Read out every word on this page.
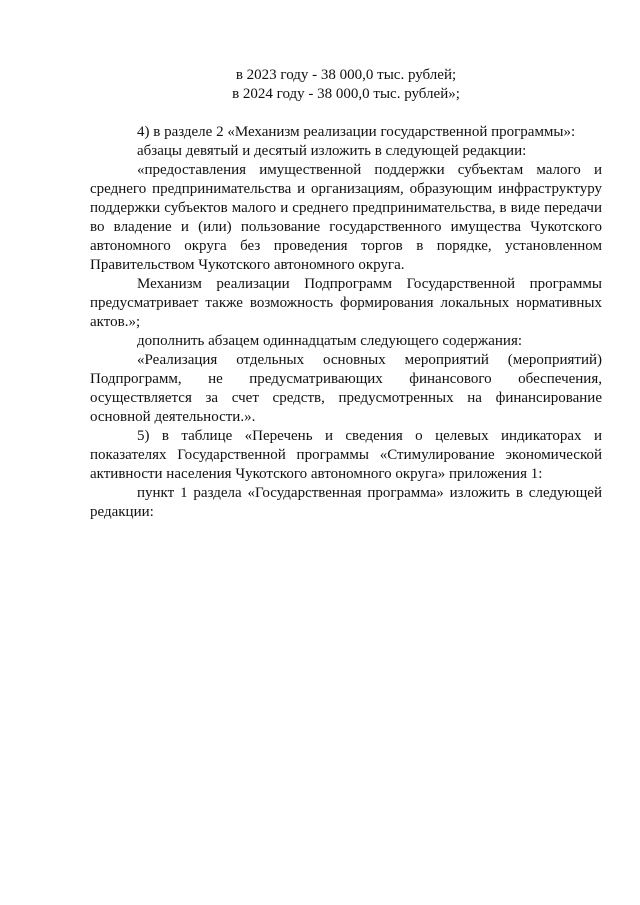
в 2023 году - 38 000,0 тыс. рублей;

в 2024 году - 38 000,0 тыс. рублей»;

4) в разделе 2 «Механизм реализации государственной программы»:

абзацы девятый и десятый изложить в следующей редакции:

«предоставления имущественной поддержки субъектам малого и среднего предпринимательства и организациям, образующим инфраструктуру поддержки субъектов малого и среднего предпринимательства, в виде передачи во владение и (или) пользование государственного имущества Чукотского автономного округа без проведения торгов в порядке, установленном Правительством Чукотского автономного округа.

Механизм реализации Подпрограмм Государственной программы предусматривает также возможность формирования локальных нормативных актов.»;

дополнить абзацем одиннадцатым следующего содержания:

«Реализация отдельных основных мероприятий (мероприятий) Подпрограмм, не предусматривающих финансового обеспечения, осуществляется за счет средств, предусмотренных на финансирование основной деятельности.».

5) в таблице «Перечень и сведения о целевых индикаторах и показателях Государственной программы «Стимулирование экономической активности населения Чукотского автономного округа» приложения 1:

пункт 1 раздела «Государственная программа» изложить в следующей редакции:
